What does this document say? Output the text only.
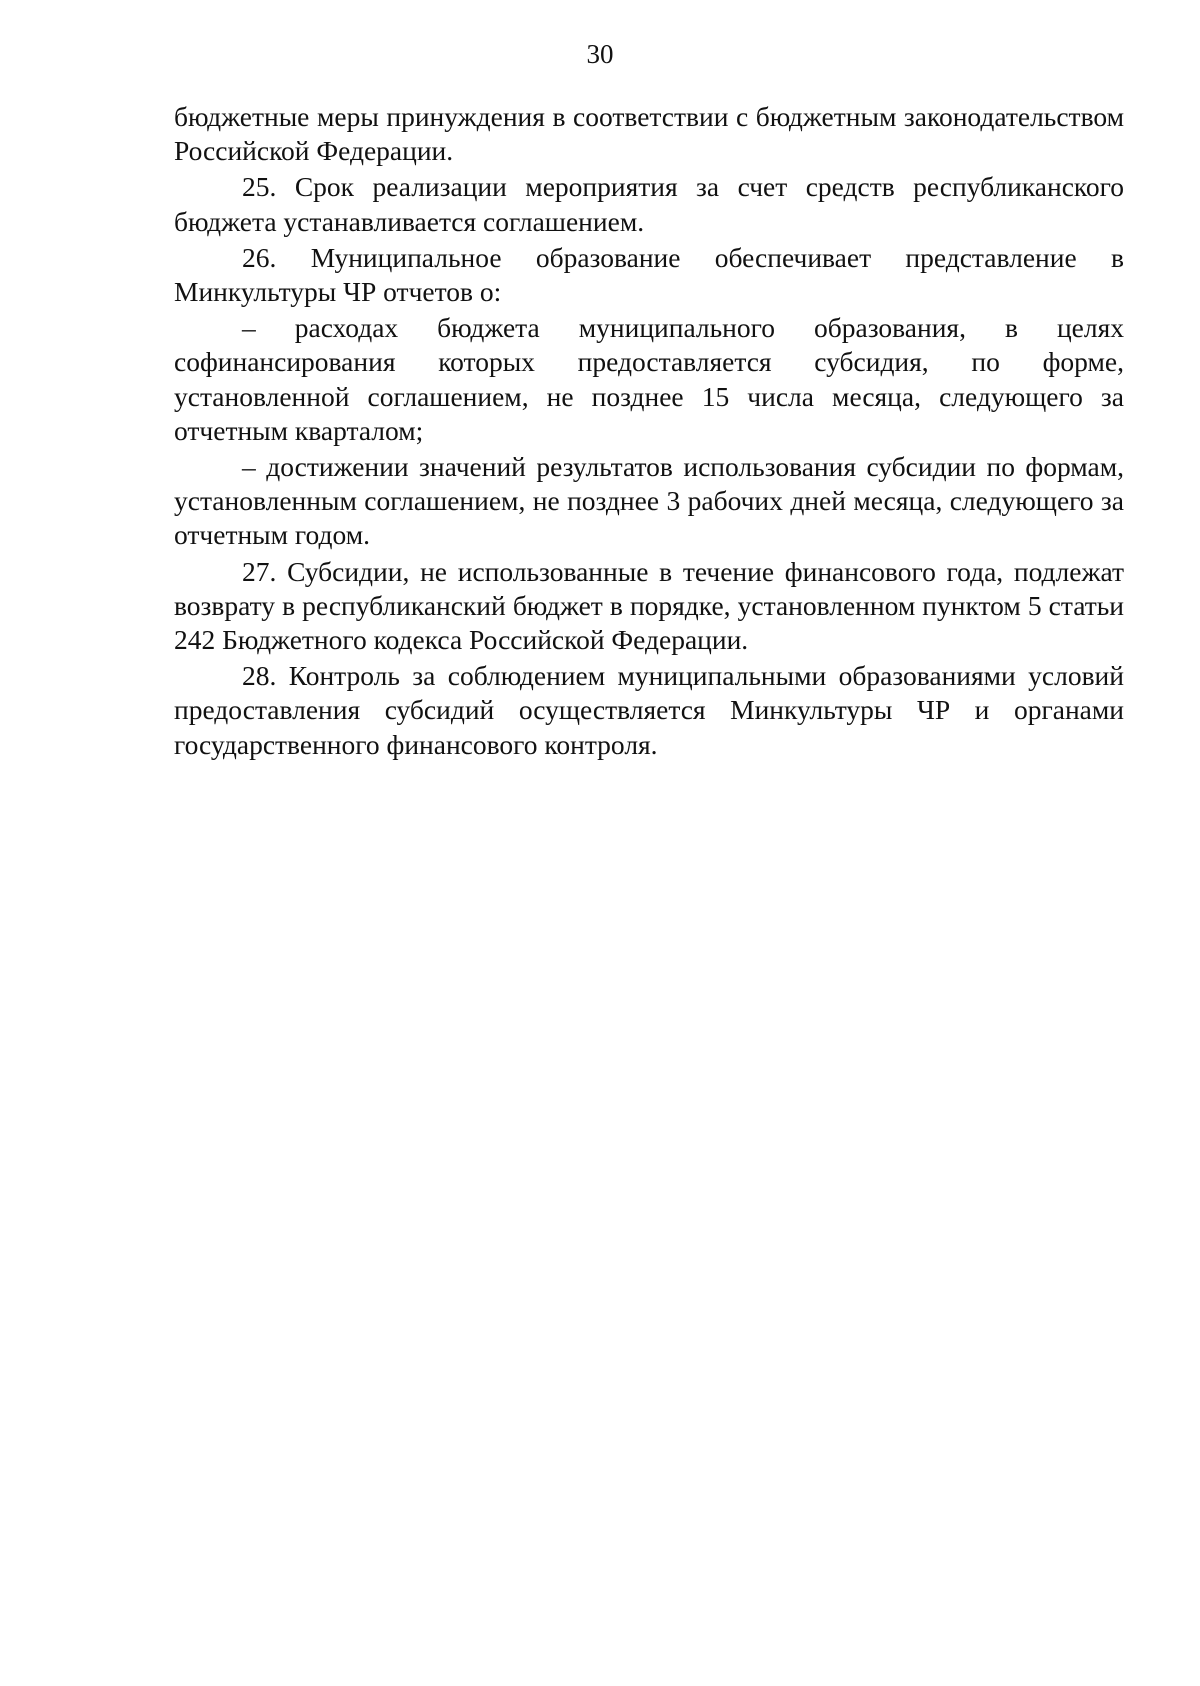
30

бюджетные меры принуждения в соответствии с бюджетным законодательством Российской Федерации.

25. Срок реализации мероприятия за счет средств республиканского бюджета устанавливается соглашением.

26. Муниципальное образование обеспечивает представление в Минкультуры ЧР отчетов о:

– расходах бюджета муниципального образования, в целях софинансирования которых предоставляется субсидия, по форме, установленной соглашением, не позднее 15 числа месяца, следующего за отчетным кварталом;

– достижении значений результатов использования субсидии по формам, установленным соглашением, не позднее 3 рабочих дней месяца, следующего за отчетным годом.

27. Субсидии, не использованные в течение финансового года, подлежат возврату в республиканский бюджет в порядке, установленном пунктом 5 статьи 242 Бюджетного кодекса Российской Федерации.

28. Контроль за соблюдением муниципальными образованиями условий предоставления субсидий осуществляется Минкультуры ЧР и органами государственного финансового контроля.
